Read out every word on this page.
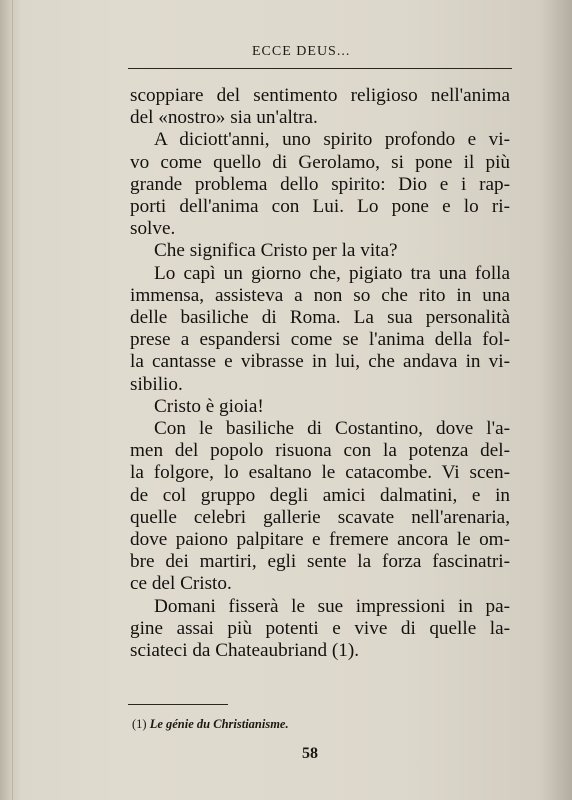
ECCE DEUS...
scoppiare del sentimento religioso nell'anima
del «nostro» sia un'altra.
A diciott'anni, uno spirito profondo e vi-
vo come quello di Gerolamo, si pone il più
grande problema dello spirito: Dio e i rap-
porti dell'anima con Lui. Lo pone e lo ri-
solve.
Che significa Cristo per la vita?
Lo capì un giorno che, pigiato tra una folla
immensa, assisteva a non so che rito in una
delle basiliche di Roma. La sua personalità
prese a espandersi come se l'anima della fol-
la cantasse e vibrasse in lui, che andava in vi-
sibilio.
Cristo è gioia!
Con le basiliche di Costantino, dove l'a-
men del popolo risuona con la potenza del-
la folgore, lo esaltano le catacombe. Vi scen-
de col gruppo degli amici dalmatini, e in
quelle celebri gallerie scavate nell'arenaria,
dove paiono palpitare e fremere ancora le om-
bre dei martiri, egli sente la forza fascinatri-
ce del Cristo.
Domani fisserà le sue impressioni in pa-
gine assai più potenti e vive di quelle la-
sciateci da Chateaubriand (1).
(1) Le génie du Christianisme.
58
